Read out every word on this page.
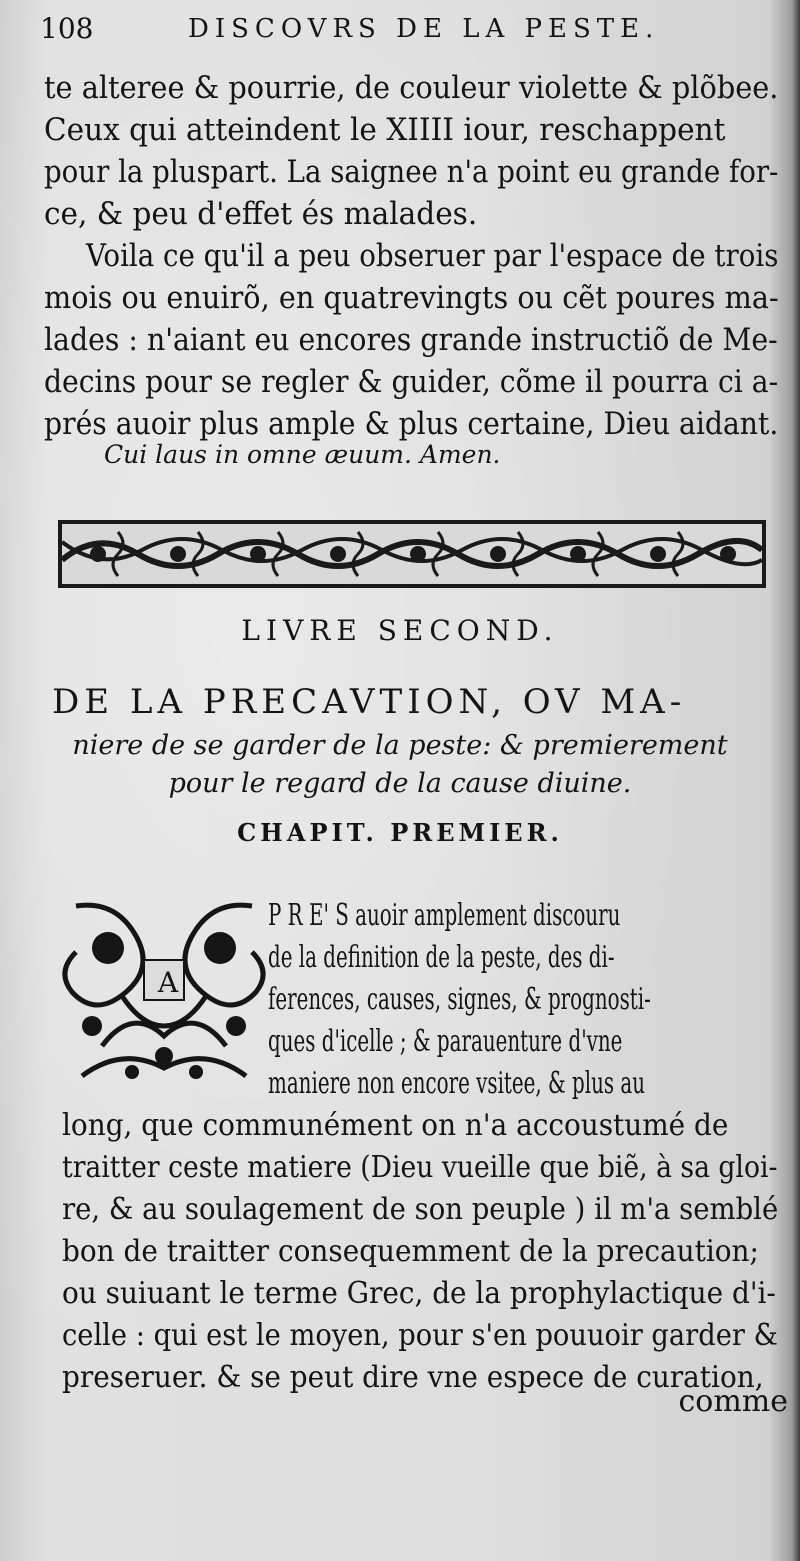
108	DISCOVRS DE LA PESTE.
te alteree & pourrie, de couleur violette & plõbee.
Ceux qui atteindent le XIIII iour, reschappent
pour la pluspart. La saignee n'a point eu grande for-
ce, & peu d'effet és malades.
Voila ce qu'il a peu obseruer par l'espace de trois
mois ou enuirõ, en quatrevingts ou cẽt poures ma-
lades : n'aiant eu encores grande instructiõ de Me-
decins pour se regler & guider, cõme il pourra ci a-
prés auoir plus ample & plus certaine, Dieu aidant.
Cui laus in omne æuum. Amen.
LIVRE SECOND.
DE LA PRECAVTION, OV MA-
niere de se garder de la peste: & premierement
pour le regard de la cause diuine.
CHAPIT. PREMIER.
A
P R E' S auoir amplement discouru
de la definition de la peste, des di-
ferences, causes, signes, & prognosti-
ques d'icelle ; & parauenture d'vne
maniere non encore vsitee, & plus au
long, que communément on n'a accoustumé de
traitter ceste matiere (Dieu vueille que biẽ, à sa gloi-
re, & au soulagement de son peuple ) il m'a semblé
bon de traitter consequemment de la precaution;
ou suiuant le terme Grec, de la prophylactique d'i-
celle : qui est le moyen, pour s'en pouuoir garder &
preseruer. & se peut dire vne espece de curation,
comme
